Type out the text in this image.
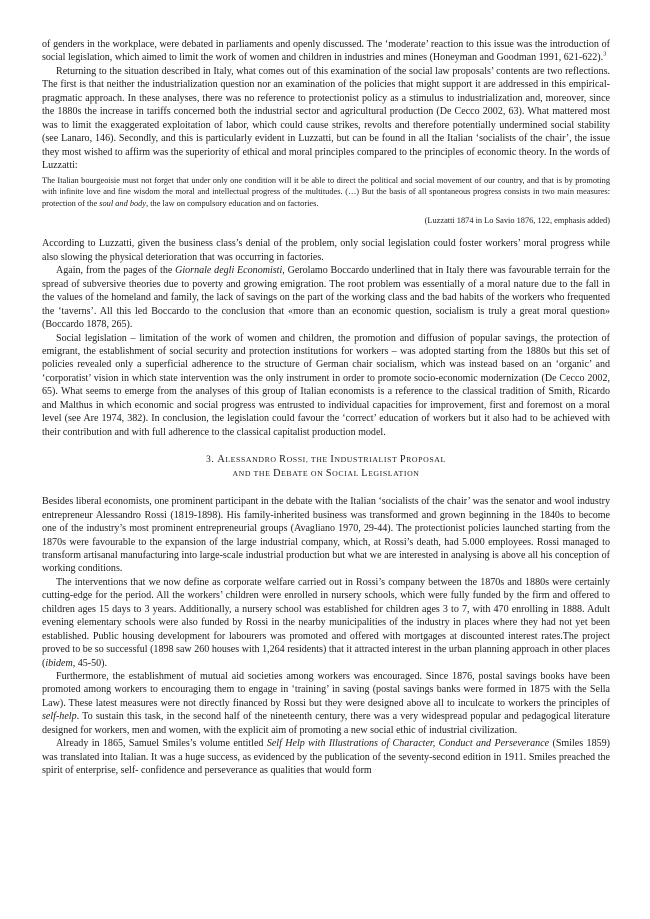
of genders in the workplace, were debated in parliaments and openly discussed. The ‘moderate’ reaction to this issue was the introduction of social legislation, which aimed to limit the work of women and children in industries and mines (Honeyman and Goodman 1991, 621-622).$^3$

Returning to the situation described in Italy, what comes out of this examination of the social law proposals’ contents are two reflections. The first is that neither the industrialization question nor an examination of the policies that might support it are addressed in this empirical-pragmatic approach. In these analyses, there was no reference to protectionist policy as a stimulus to industrialization and, moreover, since the 1880s the increase in tariffs concerned both the industrial sector and agricultural production (De Cecco 2002, 63). What mattered most was to limit the exaggerated exploitation of labor, which could cause strikes, revolts and therefore potentially undermined social stability (see Lanaro, 146). Secondly, and this is particularly evident in Luzzatti, but can be found in all the Italian ‘socialists of the chair’, the issue they most wished to affirm was the superiority of ethical and moral principles compared to the principles of economic theory. In the words of Luzzatti:

The Italian bourgeoisie must not forget that under only one condition will it be able to direct the political and social movement of our country, and that is by promoting with infinite love and fine wisdom the moral and intellectual progress of the multitudes. (…) But the basis of all spontaneous progress consists in two main measures: protection of the soul and body, the law on compulsory education and on factories.

(Luzzatti 1874 in Lo Savio 1876, 122, emphasis added)

According to Luzzatti, given the business class’s denial of the problem, only social legislation could foster workers’ moral progress while also slowing the physical deterioration that was occurring in factories.

Again, from the pages of the Giornale degli Economisti, Gerolamo Boccardo underlined that in Italy there was favourable terrain for the spread of subversive theories due to poverty and growing emigration. The root problem was essentially of a moral nature due to the fall in the values of the homeland and family, the lack of savings on the part of the working class and the bad habits of the workers who frequented the ‘taverns’. All this led Boccardo to the conclusion that «more than an economic question, socialism is truly a great moral question» (Boccardo 1878, 265).

Social legislation – limitation of the work of women and children, the promotion and diffusion of popular savings, the protection of emigrant, the establishment of social security and protection institutions for workers – was adopted starting from the 1880s but this set of policies revealed only a superficial adherence to the structure of German chair socialism, which was instead based on an ‘organic’ and ‘corporatist’ vision in which state intervention was the only instrument in order to promote socio-economic modernization (De Cecco 2002, 65). What seems to emerge from the analyses of this group of Italian economists is a reference to the classical tradition of Smith, Ricardo and Malthus in which economic and social progress was entrusted to individual capacities for improvement, first and foremost on a moral level (see Are 1974, 382). In conclusion, the legislation could favour the ‘correct’ education of workers but it also had to be achieved with their contribution and with full adherence to the classical capitalist production model.

3. ALESSANDRO ROSSI, THE INDUSTRIALIST PROPOSAL
AND THE DEBATE ON SOCIAL LEGISLATION

Besides liberal economists, one prominent participant in the debate with the Italian ‘socialists of the chair’ was the senator and wool industry entrepreneur Alessandro Rossi (1819-1898). His family-inherited business was transformed and grown beginning in the 1840s to become one of the industry’s most prominent entrepreneurial groups (Avagliano 1970, 29-44). The protectionist policies launched starting from the 1870s were favourable to the expansion of the large industrial company, which, at Rossi’s death, had 5.000 employees. Rossi managed to transform artisanal manufacturing into large-scale industrial production but what we are interested in analysing is above all his conception of working conditions.

The interventions that we now define as corporate welfare carried out in Rossi’s company between the 1870s and 1880s were certainly cutting-edge for the period. All the workers’ children were enrolled in nursery schools, which were fully funded by the firm and offered to children ages 15 days to 3 years. Additionally, a nursery school was established for children ages 3 to 7, with 470 enrolling in 1888. Adult evening elementary schools were also funded by Rossi in the nearby municipalities of the industry in places where they had not yet been established. Public housing development for labourers was promoted and offered with mortgages at discounted interest rates.The project proved to be so successful (1898 saw 260 houses with 1,264 residents) that it attracted interest in the urban planning approach in other places (ibidem, 45-50).

Furthermore, the establishment of mutual aid societies among workers was encouraged. Since 1876, postal savings books have been promoted among workers to encouraging them to engage in ‘training’ in saving (postal savings banks were formed in 1875 with the Sella Law). These latest measures were not directly financed by Rossi but they were designed above all to inculcate to workers the principles of self-help. To sustain this task, in the second half of the nineteenth century, there was a very widespread popular and pedagogical literature designed for workers, men and women, with the explicit aim of promoting a new social ethic of industrial civilization.

Already in 1865, Samuel Smiles’s volume entitled Self Help with Illustrations of Character, Conduct and Perseverance (Smiles 1859) was translated into Italian. It was a huge success, as evidenced by the publication of the seventy-second edition in 1911. Smiles preached the spirit of enterprise, self- confidence and perseverance as qualities that would form
